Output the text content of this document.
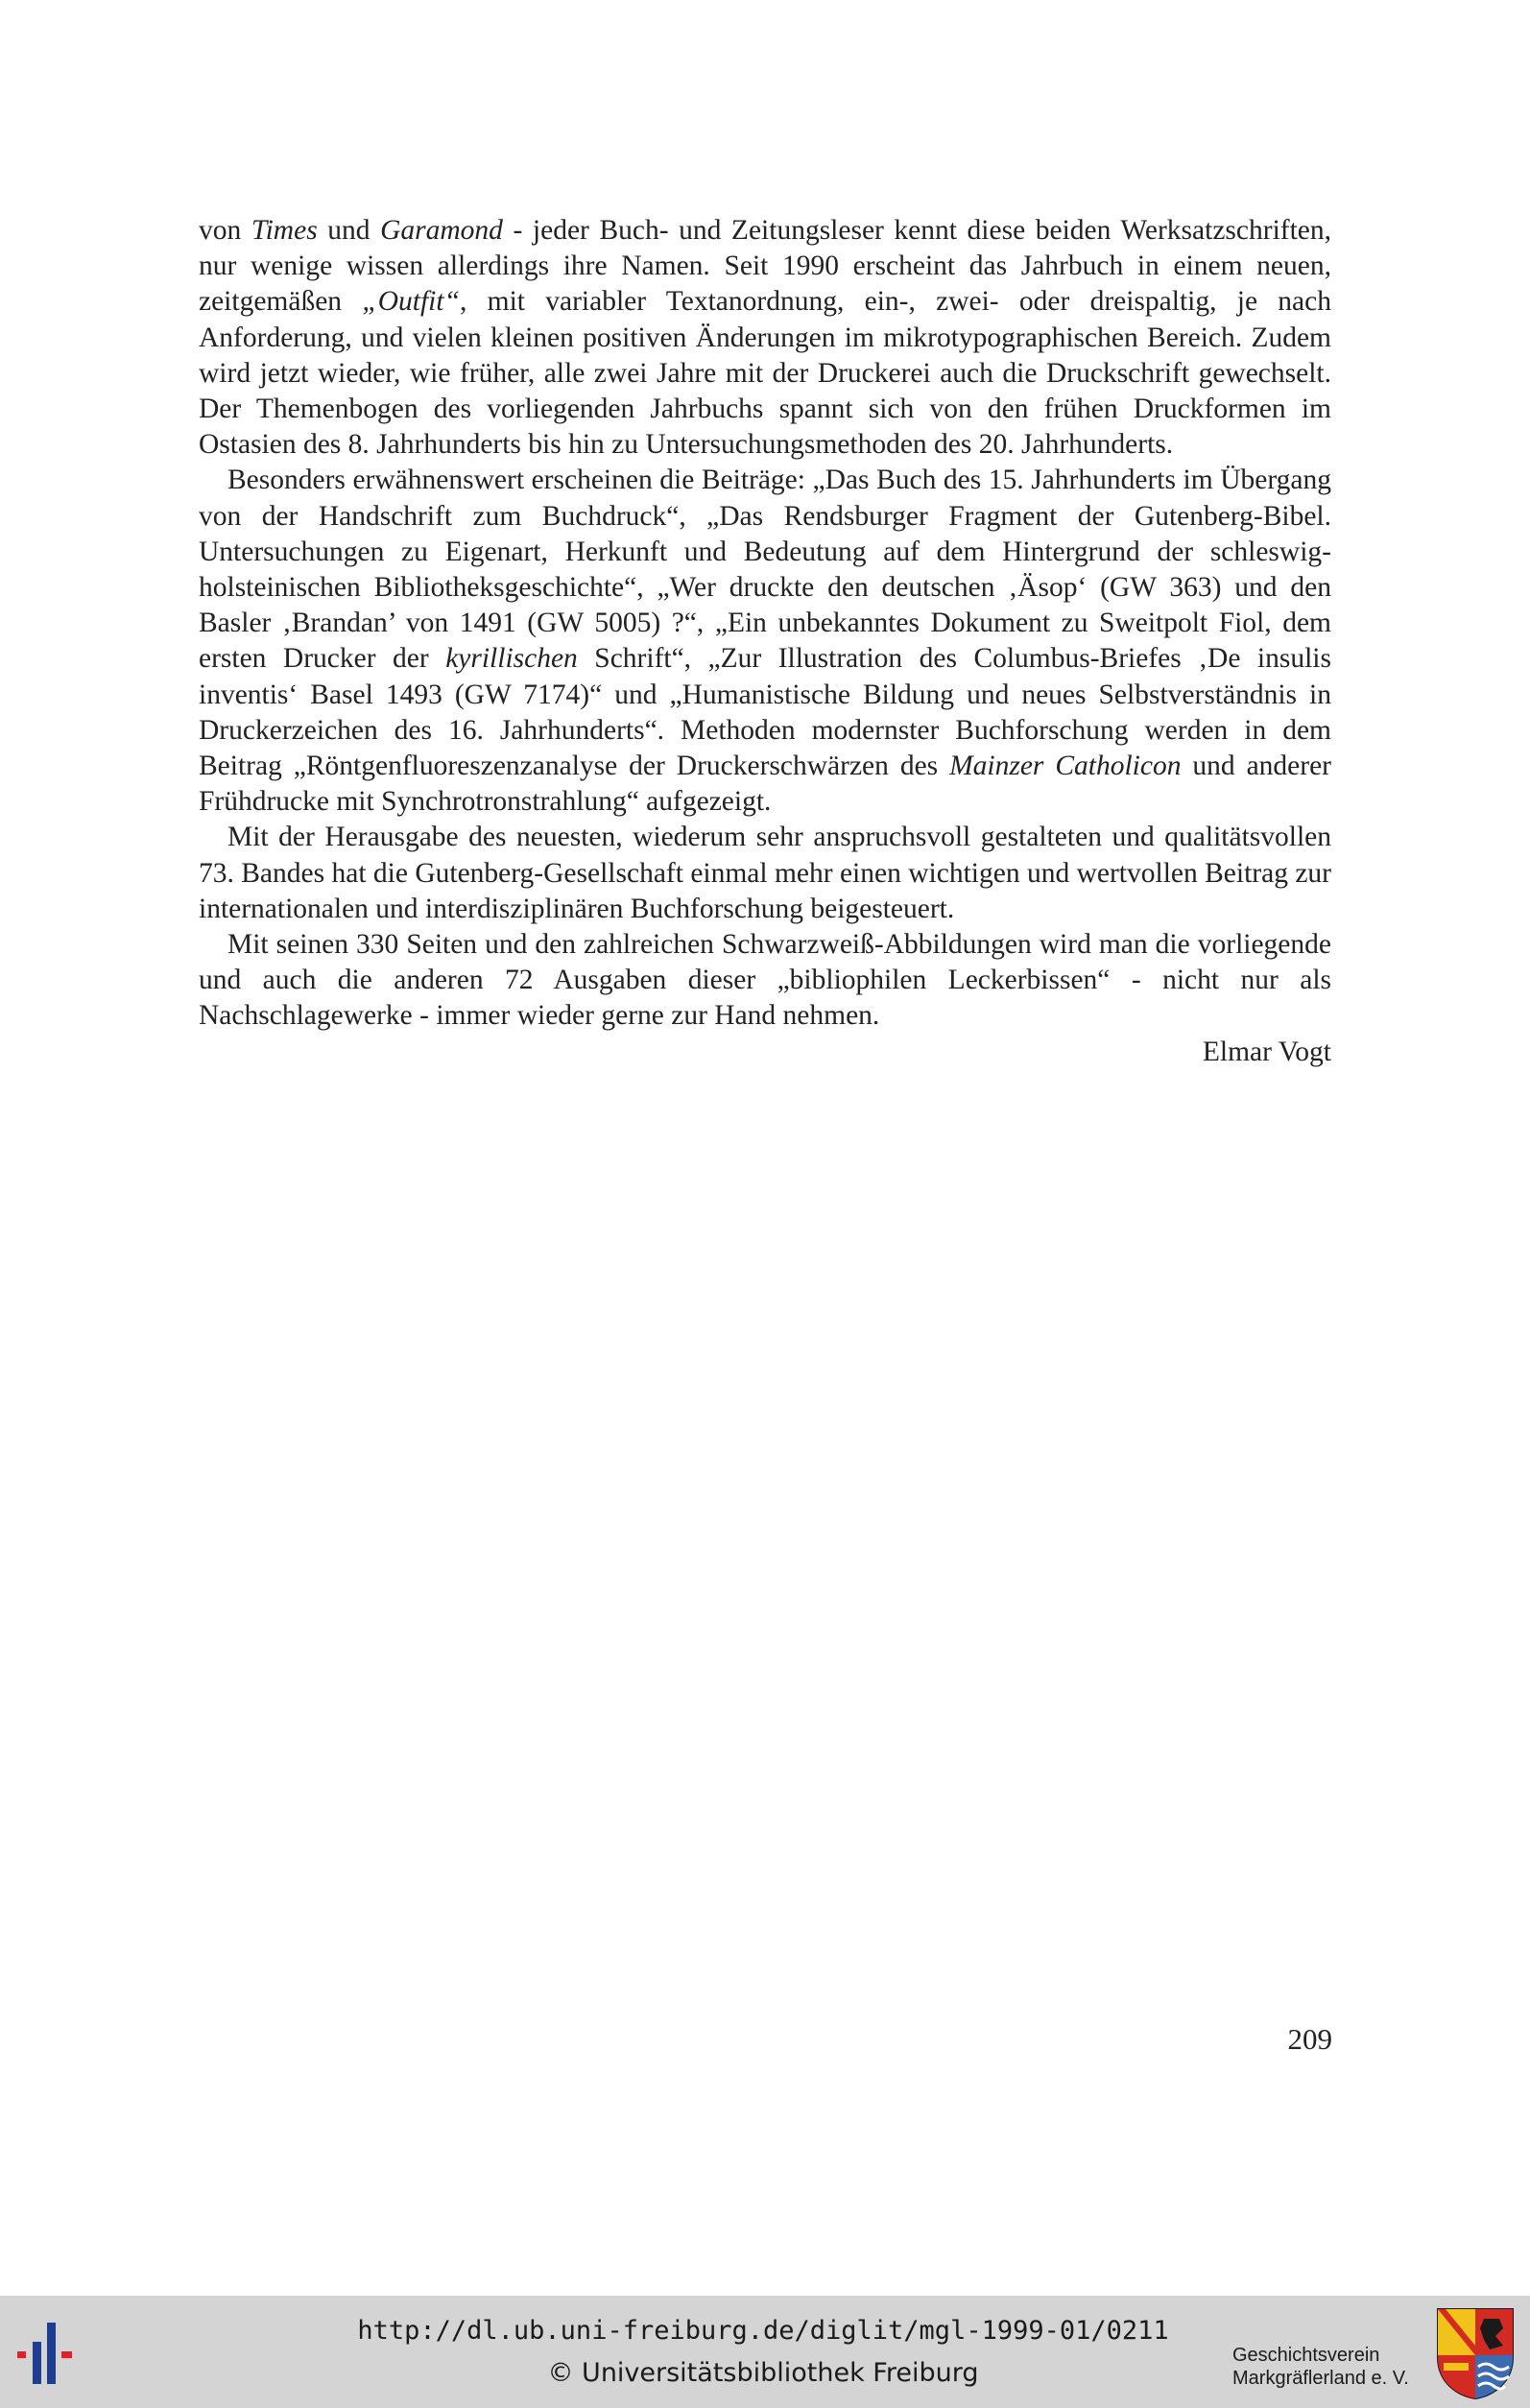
von Times und Garamond - jeder Buch- und Zeitungsleser kennt diese beiden Werksatzschriften, nur wenige wissen allerdings ihre Namen. Seit 1990 erscheint das Jahrbuch in einem neuen, zeitgemäßen „Outfit“, mit variabler Textanordnung, ein-, zwei- oder dreispaltig, je nach Anforderung, und vielen kleinen positiven Änderungen im mikrotypographischen Bereich. Zudem wird jetzt wieder, wie früher, alle zwei Jahre mit der Druckerei auch die Druckschrift gewechselt. Der Themenbogen des vorliegenden Jahrbuchs spannt sich von den frühen Druckformen im Ostasien des 8. Jahrhunderts bis hin zu Untersuchungsmethoden des 20. Jahrhunderts.

Besonders erwähnenswert erscheinen die Beiträge: „Das Buch des 15. Jahrhunderts im Übergang von der Handschrift zum Buchdruck“, „Das Rendsburger Fragment der Gutenberg-Bibel. Untersuchungen zu Eigenart, Herkunft und Bedeutung auf dem Hintergrund der schleswig-holsteinischen Bibliotheksgeschichte“, „Wer druckte den deutschen ‚Äsop‘ (GW 363) und den Basler ‚Brandan’ von 1491 (GW 5005) ?“, „Ein unbekanntes Dokument zu Sweitpolt Fiol, dem ersten Drucker der kyrillischen Schrift“, „Zur Illustration des Columbus-Briefes ‚De insulis inventis‘ Basel 1493 (GW 7174)“ und „Humanistische Bildung und neues Selbstverständnis in Druckerzeichen des 16. Jahrhunderts“. Methoden modernster Buchforschung werden in dem Beitrag „Röntgenfluoreszenzanalyse der Druckerschwärzen des Mainzer Catholicon und anderer Frühdrucke mit Synchrotronstrahlung“ aufgezeigt.

Mit der Herausgabe des neuesten, wiederum sehr anspruchsvoll gestalteten und qualitätsvollen 73. Bandes hat die Gutenberg-Gesellschaft einmal mehr einen wichtigen und wertvollen Beitrag zur internationalen und interdisziplinären Buchforschung beigesteuert.

Mit seinen 330 Seiten und den zahlreichen Schwarzweiß-Abbildungen wird man die vorliegende und auch die anderen 72 Ausgaben dieser „bibliophilen Leckerbissen“ - nicht nur als Nachschlagewerke - immer wieder gerne zur Hand nehmen.

Elmar Vogt

209
http://dl.ub.uni-freiburg.de/diglit/mgl-1999-01/0211
© Universitätsbibliothek Freiburg
Geschichtsverein
Markgräflerland e. V.
